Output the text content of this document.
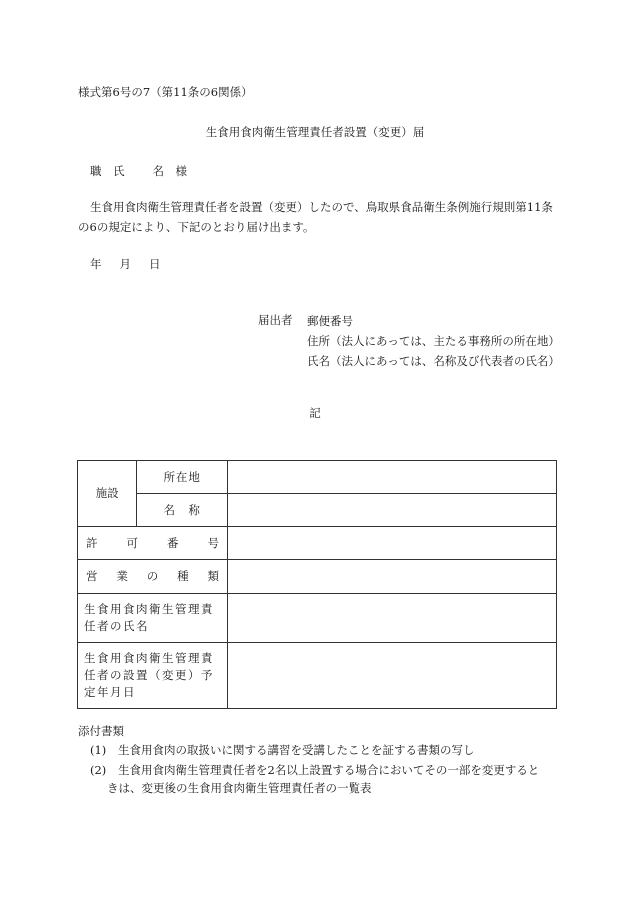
様式第6号の7（第11条の6関係）
生食用食肉衛生管理責任者設置（変更）届
職　氏 名　様
生食用食肉衛生管理責任者を設置（変更）したので、鳥取県食品衛生条例施行規則第11条の6の規定により、下記のとおり届け出ます。
年 月 日
届出者 郵便番号
住所（法人にあっては、主たる事務所の所在地）
氏名（法人にあっては、名称及び代表者の氏名）
記
施設	所在地	
	名　称	
許可番号		
営業の種類		
生食用食肉衛生管理責任者の氏名		
生食用食肉衛生管理責任者の設置（変更）予定年月日		
添付書類
(1) 生食用食肉の取扱いに関する講習を受講したことを証する書類の写し
(2) 生食用食肉衛生管理責任者を2名以上設置する場合においてその一部を変更すると
きは、変更後の生食用食肉衛生管理責任者の一覧表
